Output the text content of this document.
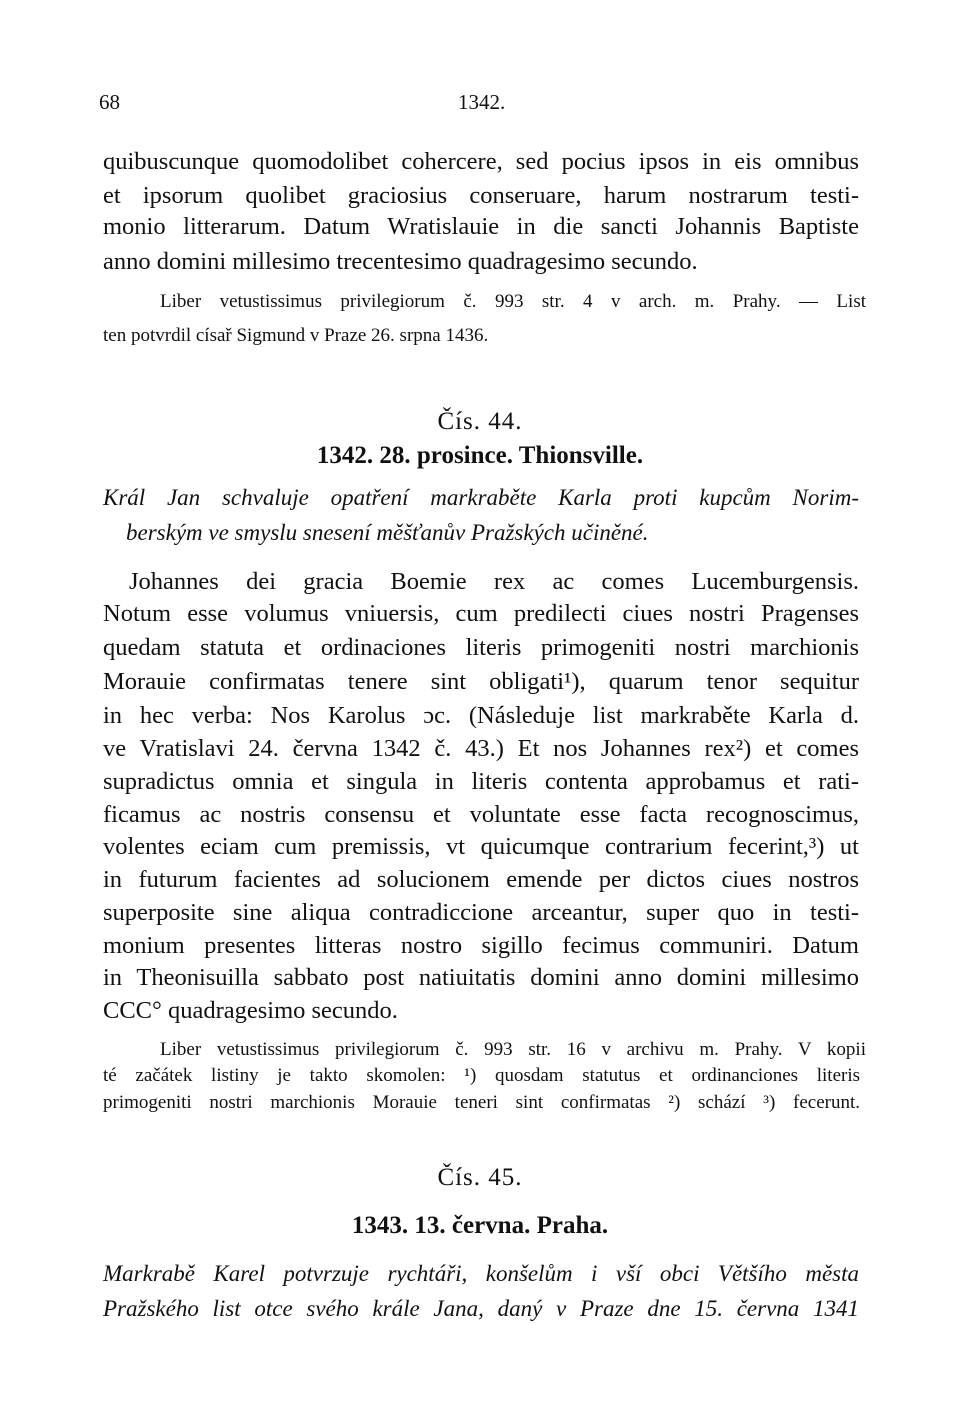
68	1342.
quibuscunque quomodolibet cohercere, sed pocius ipsos in eis omnibus
et ipsorum quolibet graciosius conseruare, harum nostrarum testi-
monio litterarum. Datum Wratislauie in die sancti Johannis Baptiste
anno domini millesimo trecentesimo quadragesimo secundo.
Liber vetustissimus privilegiorum č. 993 str. 4 v arch. m. Prahy. — List
ten potvrdil císař Sigmund v Praze 26. srpna 1436.
Čís. 44.
1342. 28. prosince. Thionsville.
Král Jan schvaluje opatření markraběte Karla proti kupcům Norim-
berským ve smyslu snesení měšťanův Pražských učiněné.
Johannes dei gracia Boemie rex ac comes Lucemburgensis.
Notum esse volumus vniuersis, cum predilecti ciues nostri Pragenses
quedam statuta et ordinaciones literis primogeniti nostri marchionis
Morauie confirmatas tenere sint obligati¹), quarum tenor sequitur
in hec verba: Nos Karolus ɔc. (Následuje list markraběte Karla d.
ve Vratislavi 24. června 1342 č. 43.) Et nos Johannes rex²) et comes
supradictus omnia et singula in literis contenta approbamus et rati-
ficamus ac nostris consensu et voluntate esse facta recognoscimus,
volentes eciam cum premissis, vt quicumque contrarium fecerint,³) ut
in futurum facientes ad solucionem emende per dictos ciues nostros
superposite sine aliqua contradiccione arceantur, super quo in testi-
monium presentes litteras nostro sigillo fecimus communiri. Datum
in Theonisuilla sabbato post natiuitatis domini anno domini millesimo
CCC° quadragesimo secundo.
Liber vetustissimus privilegiorum č. 993 str. 16 v archivu m. Prahy. V kopii
té začátek listiny je takto skomolen: ¹) quosdam statutus et ordinanciones literis
primogeniti nostri marchionis Morauie teneri sint confirmatas ²) schází ³) fecerunt.
Čís. 45.
1343. 13. června. Praha.
Markrabě Karel potvrzuje rychtáři, konšelům i vší obci Většího města
Pražského list otce svého krále Jana, daný v Praze dne 15. června 1341
